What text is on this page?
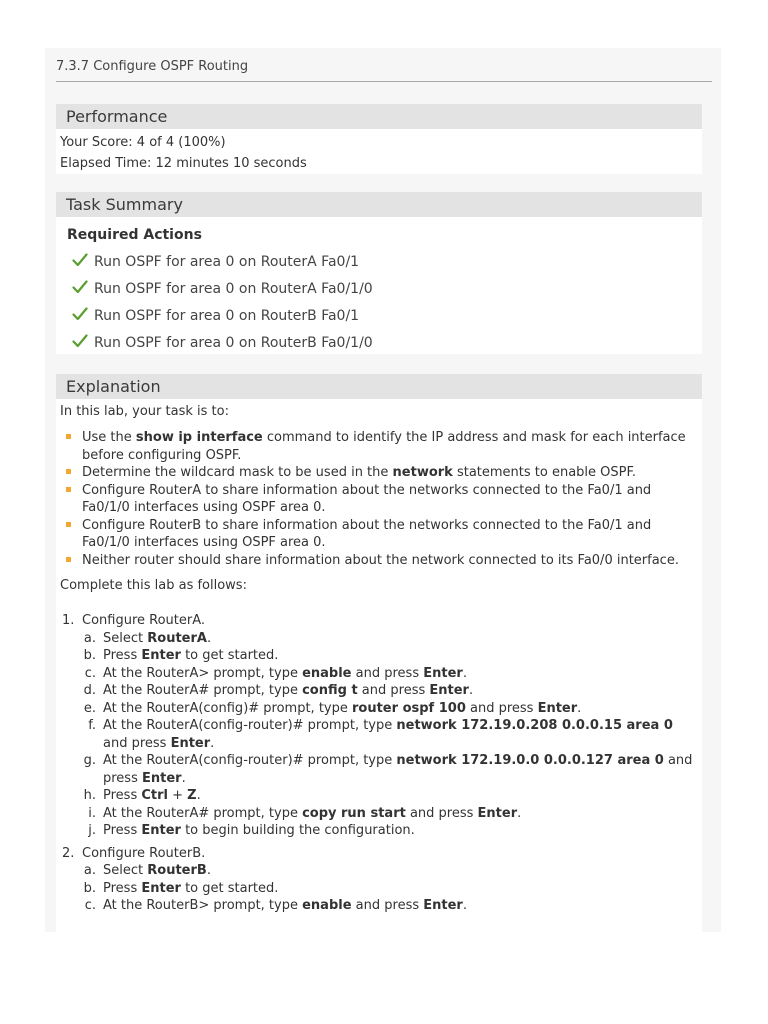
7.3.7 Configure OSPF Routing
Performance
Your Score: 4 of 4 (100%)
Elapsed Time: 12 minutes 10 seconds
Task Summary
Required Actions
Run OSPF for area 0 on RouterA Fa0/1
Run OSPF for area 0 on RouterA Fa0/1/0
Run OSPF for area 0 on RouterB Fa0/1
Run OSPF for area 0 on RouterB Fa0/1/0
Explanation
In this lab, your task is to:
Use the show ip interface command to identify the IP address and mask for each interface before configuring OSPF.
Determine the wildcard mask to be used in the network statements to enable OSPF.
Configure RouterA to share information about the networks connected to the Fa0/1 and Fa0/1/0 interfaces using OSPF area 0.
Configure RouterB to share information about the networks connected to the Fa0/1 and Fa0/1/0 interfaces using OSPF area 0.
Neither router should share information about the network connected to its Fa0/0 interface.
Complete this lab as follows:
1. Configure RouterA.
a. Select RouterA.
b. Press Enter to get started.
c. At the RouterA> prompt, type enable and press Enter.
d. At the RouterA# prompt, type config t and press Enter.
e. At the RouterA(config)# prompt, type router ospf 100 and press Enter.
f. At the RouterA(config-router)# prompt, type network 172.19.0.208 0.0.0.15 area 0 and press Enter.
g. At the RouterA(config-router)# prompt, type network 172.19.0.0 0.0.0.127 area 0 and press Enter.
h. Press Ctrl + Z.
i. At the RouterA# prompt, type copy run start and press Enter.
j. Press Enter to begin building the configuration.
2. Configure RouterB.
a. Select RouterB.
b. Press Enter to get started.
c. At the RouterB> prompt, type enable and press Enter.
